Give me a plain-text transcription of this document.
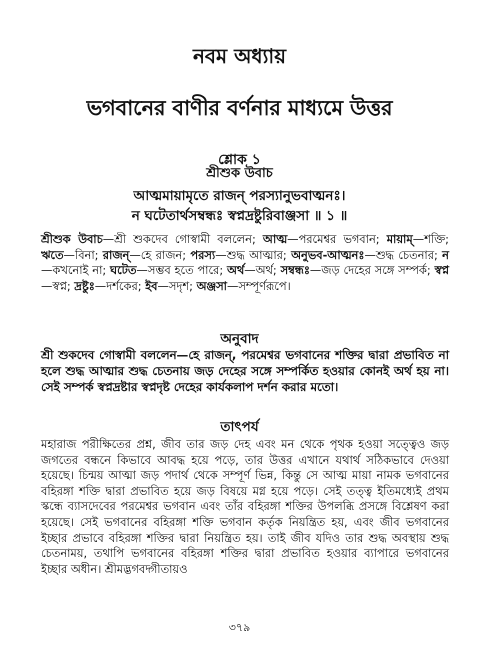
নবম অধ্যায়
ভগবানের বাণীর বর্ণনার মাধ্যমে উত্তর
শ্লোক ১
শ্রীশুক উবাচ
আত্মমায়ামৃতে রাজন্ পরস্যানুভবাত্মনঃ।
ন ঘটেতার্থসম্বন্ধঃ স্বপ্নদ্রষ্টুরিবাঞ্জসা ॥ ১ ॥
শ্রীশুক উবাচ—শ্রী শুকদেব গোস্বামী বললেন; আত্ম—পরমেশ্বর ভগবান; মায়াম্—শক্তি; ঋতে—বিনা; রাজন্—হে রাজন; পরস্য—শুদ্ধ আত্মার; অনুভব-আত্মনঃ—শুদ্ধ চেতনার; ন—কখনোই না; ঘটেত—সম্ভব হতে পারে; অর্থ—অর্থ; সম্বন্ধঃ—জড় দেহের সঙ্গে সম্পর্ক; স্বপ্ন—স্বপ্ন; দ্রষ্টুঃ—দর্শকের; ইব—সদৃশ; অঞ্জসা—সম্পূর্ণরূপে।
অনুবাদ
শ্রী শুকদেব গোস্বামী বললেন—হে রাজন্, পরমেশ্বর ভগবানের শক্তির দ্বারা প্রভাবিত না হলে শুদ্ধ আত্মার শুদ্ধ চেতনায় জড় দেহের সঙ্গে সম্পর্কিত হওয়ার কোনই অর্থ হয় না। সেই সম্পর্ক স্বপ্নদ্রষ্টার স্বপ্নদৃষ্ট দেহের কার্যকলাপ দর্শন করার মতো।
তাৎপর্য
মহারাজ পরীক্ষিতের প্রশ্ন, জীব তার জড় দেহ এবং মন থেকে পৃথক হওয়া সত্ত্বেও জড় জগতের বন্ধনে কিভাবে আবদ্ধ হয়ে পড়ে, তার উত্তর এখানে যথার্থ সঠিকভাবে দেওয়া হয়েছে। চিন্ময় আত্মা জড় পদার্থ থেকে সম্পূর্ণ ভিন্ন, কিন্তু সে আত্ম মায়া নামক ভগবানের বহিরঙ্গা শক্তি দ্বারা প্রভাবিত হয়ে জড় বিষয়ে মগ্ন হয়ে পড়ে। সেই তত্ত্ব ইতিমধ্যেই প্রথম স্কন্ধে ব্যাসদেবের পরমেশ্বর ভগবান এবং তাঁর বহিরঙ্গা শক্তির উপলব্ধি প্রসঙ্গে বিশ্লেষণ করা হয়েছে। সেই ভগবানের বহিরঙ্গা শক্তি ভগবান কর্তৃক নিয়ন্ত্রিত হয়, এবং জীব ভগবানের ইচ্ছার প্রভাবে বহিরঙ্গা শক্তির দ্বারা নিয়ন্ত্রিত হয়। তাই জীব যদিও তার শুদ্ধ অবস্থায় শুদ্ধ চেতনাময়, তথাপি ভগবানের বহিরঙ্গা শক্তির দ্বারা প্রভাবিত হওয়ার ব্যাপারে ভগবানের ইচ্ছার অধীন। শ্রীমদ্ভগবদ্গীতায়ও
৩৭৯
